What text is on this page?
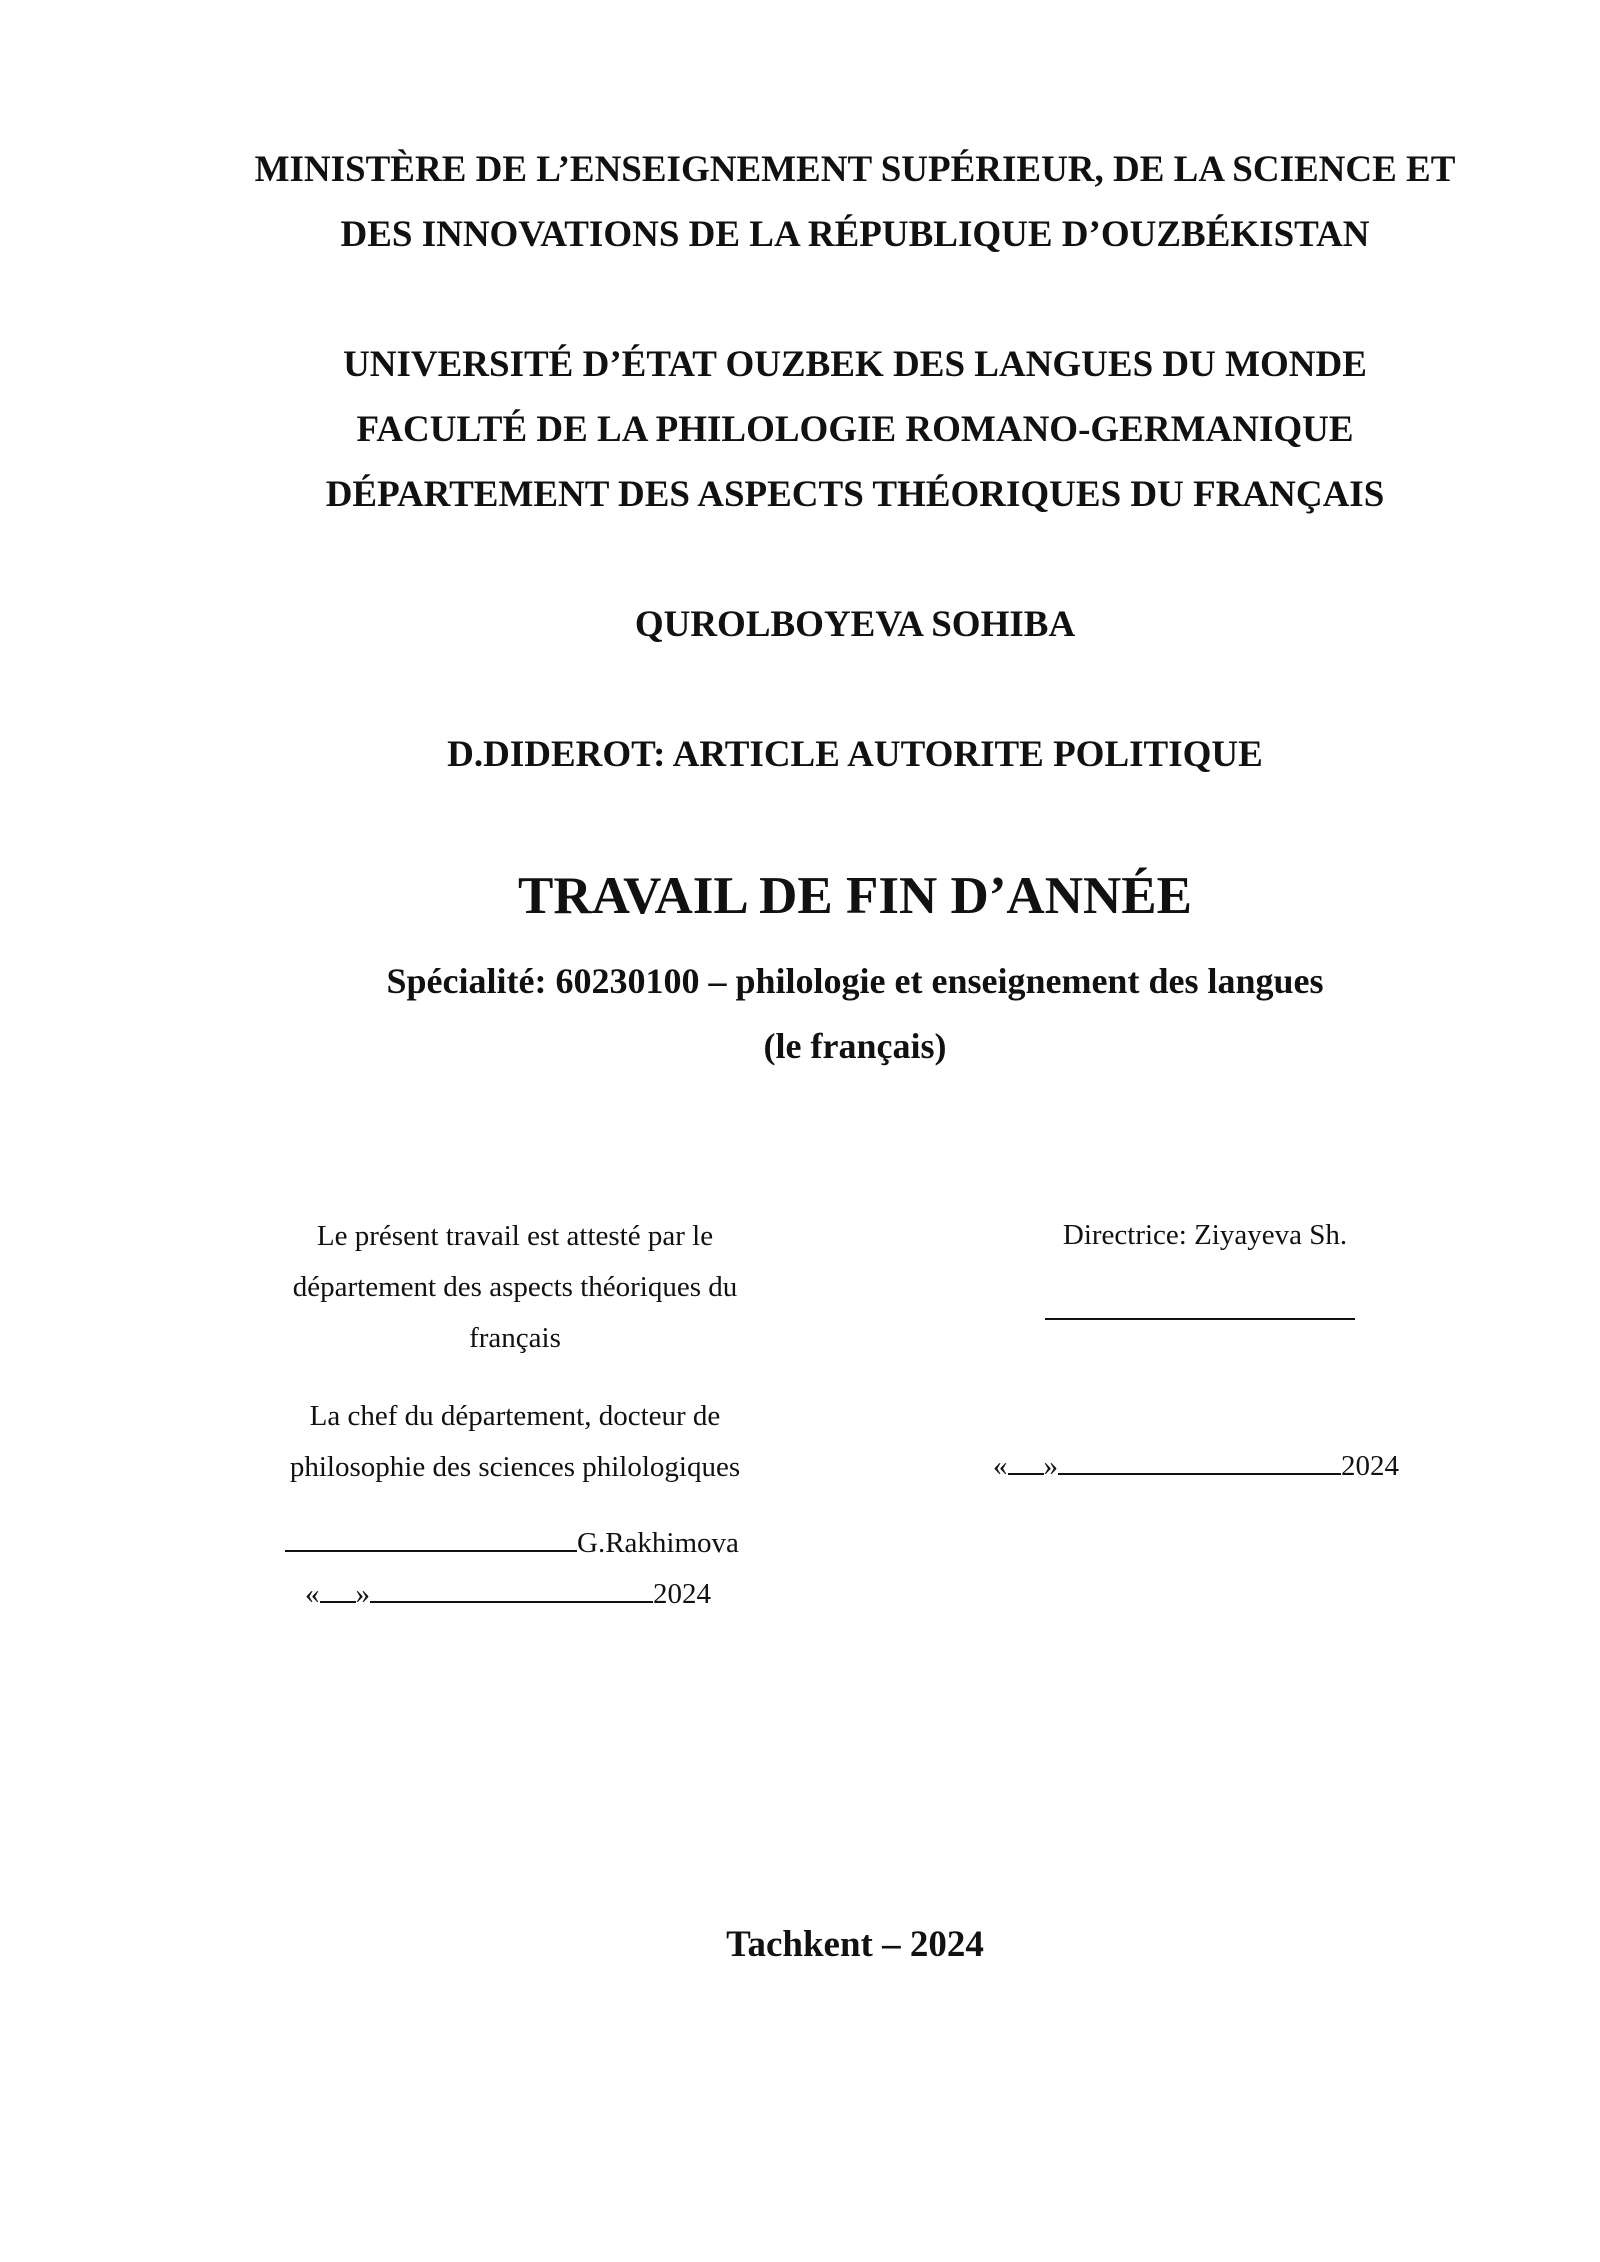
MINISTÈRE DE L’ENSEIGNEMENT SUPÉRIEUR, DE LA SCIENCE ET
DES INNOVATIONS DE LA RÉPUBLIQUE D’OUZBÉKISTAN
UNIVERSITÉ D’ÉTAT OUZBEK DES LANGUES DU MONDE
FACULTÉ DE LA PHILOLOGIE ROMANO-GERMANIQUE
DÉPARTEMENT DES ASPECTS THÉORIQUES DU FRANÇAIS
QUROLBOYEVA SOHIBA
D.DIDEROT: ARTICLE AUTORITE POLITIQUE
TRAVAIL DE FIN D’ANNÉE
Spécialité: 60230100 – philologie et enseignement des langues
(le français)
Le présent travail est attesté par le
département des aspects théoriques du
français
La chef du département, docteur de
philosophie des sciences philologiques
G.Rakhimova
« »	2024
Directrice: Ziyayeva Sh.
« »	2024
Tachkent – 2024
